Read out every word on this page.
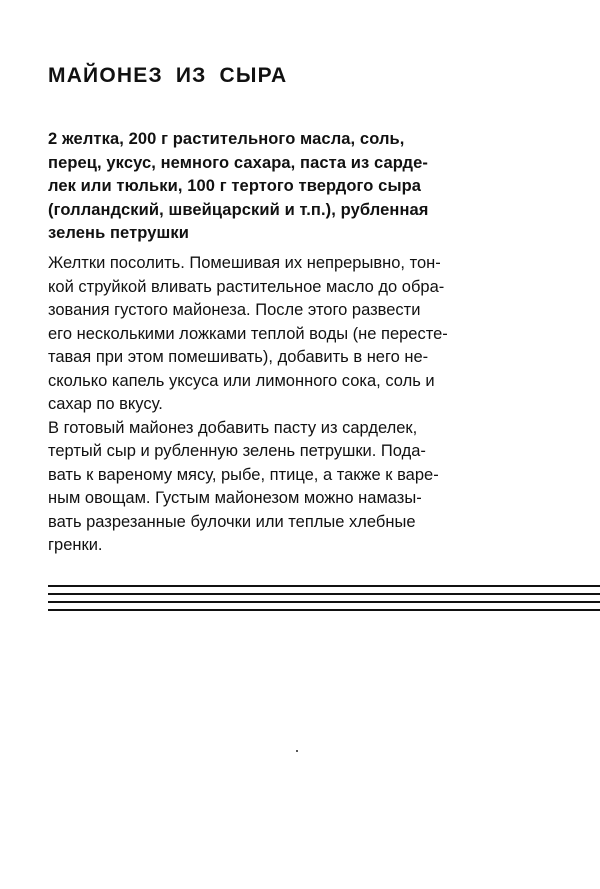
МАЙОНЕЗ ИЗ СЫРА
2 желтка, 200 г растительного масла, соль,
перец, уксус, немного сахара, паста из сарде-
лек или тюльки, 100 г тертого твердого сыра
(голландский, швейцарский и т.п.), рубленная
зелень петрушки
Желтки посолить. Помешивая их непрерывно, тон-
кой струйкой вливать растительное масло до обра-
зования густого майонеза. После этого развести
его несколькими ложками теплой воды (не пересте-
тавая при этом помешивать), добавить в него не-
сколько капель уксуса или лимонного сока, соль и
сахар по вкусу.
В готовый майонез добавить пасту из сарделек,
тертый сыр и рубленную зелень петрушки. Пода-
вать к вареному мясу, рыбе, птице, а также к варе-
ным овощам. Густым майонезом можно намазы-
вать разрезанные булочки или теплые хлебные
гренки.
